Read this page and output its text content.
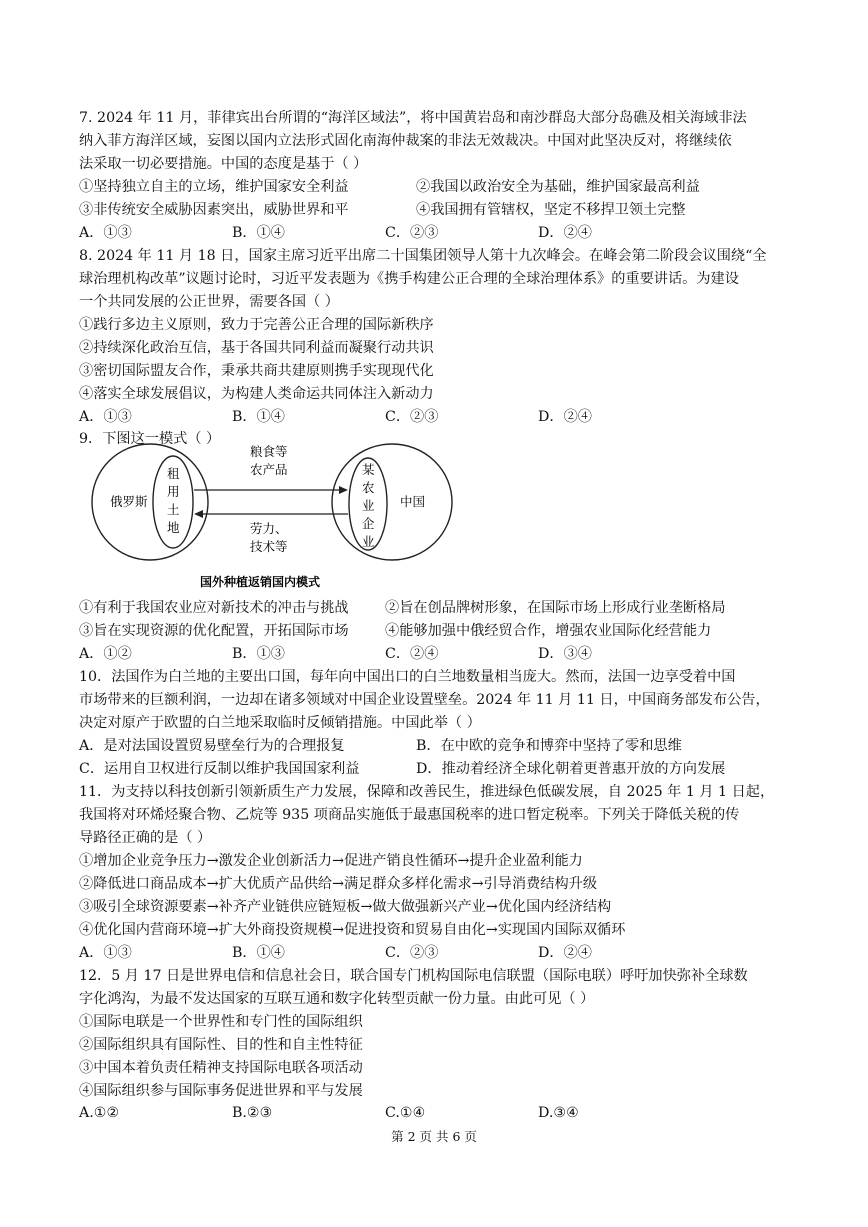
7. 2024 年 11 月，菲律宾出台所谓的“海洋区域法”，将中国黄岩岛和南沙群岛大部分岛礁及相关海域非法
纳入菲方海洋区域，妄图以国内立法形式固化南海仲裁案的非法无效裁决。中国对此坚决反对，将继续依
法采取一切必要措施。中国的态度是基于（ ）
①坚持独立自主的立场，维护国家安全利益	②我国以政治安全为基础，维护国家最高利益
③非传统安全威胁因素突出，威胁世界和平	④我国拥有管辖权，坚定不移捍卫领土完整
A．①③	B．①④	C．②③	D．②④
8. 2024 年 11 月 18 日，国家主席习近平出席二十国集团领导人第十九次峰会。在峰会第二阶段会议围绕“全
球治理机构改革”议题讨论时，习近平发表题为《携手构建公正合理的全球治理体系》的重要讲话。为建设
一个共同发展的公正世界，需要各国（ ）
①践行多边主义原则，致力于完善公正合理的国际新秩序
②持续深化政治互信，基于各国共同利益而凝聚行动共识
③密切国际盟友合作，秉承共商共建原则携手实现现代化
④落实全球发展倡议，为构建人类命运共同体注入新动力
A．①③	B．①④	C．②③	D．②④
9．下图这一模式（ ）
俄罗斯
租
用
土
地
中国
某
农
业
企
业
粮食等
农产品
劳力、
技术等
国外种植返销国内模式
①有利于我国农业应对新技术的冲击与挑战	②旨在创品牌树形象，在国际市场上形成行业垄断格局
③旨在实现资源的优化配置，开拓国际市场	④能够加强中俄经贸合作，增强农业国际化经营能力
A．①②	B．①③	C．②④	D．③④
10．法国作为白兰地的主要出口国，每年向中国出口的白兰地数量相当庞大。然而，法国一边享受着中国
市场带来的巨额利润，一边却在诸多领域对中国企业设置壁垒。2024 年 11 月 11 日，中国商务部发布公告，
决定对原产于欧盟的白兰地采取临时反倾销措施。中国此举（ ）
A．是对法国设置贸易壁垒行为的合理报复	B．在中欧的竞争和博弈中坚持了零和思维
C．运用自卫权进行反制以维护我国国家利益	D．推动着经济全球化朝着更普惠开放的方向发展
11．为支持以科技创新引领新质生产力发展，保障和改善民生，推进绿色低碳发展，自 2025 年 1 月 1 日起，
我国将对环烯烃聚合物、乙烷等 935 项商品实施低于最惠国税率的进口暂定税率。下列关于降低关税的传
导路径正确的是（ ）
①增加企业竞争压力→激发企业创新活力→促进产销良性循环→提升企业盈利能力
②降低进口商品成本→扩大优质产品供给→满足群众多样化需求→引导消费结构升级
③吸引全球资源要素→补齐产业链供应链短板→做大做强新兴产业→优化国内经济结构
④优化国内营商环境→扩大外商投资规模→促进投资和贸易自由化→实现国内国际双循环
A．①③	B．①④	C．②③	D．②④
12．5 月 17 日是世界电信和信息社会日，联合国专门机构国际电信联盟（国际电联）呼吁加快弥补全球数
字化鸿沟，为最不发达国家的互联互通和数字化转型贡献一份力量。由此可见（ ）
①国际电联是一个世界性和专门性的国际组织
②国际组织具有国际性、目的性和自主性特征
③中国本着负责任精神支持国际电联各项活动
④国际组织参与国际事务促进世界和平与发展
A.①②	B.②③	C.①④	D.③④
第 2 页 共 6 页
